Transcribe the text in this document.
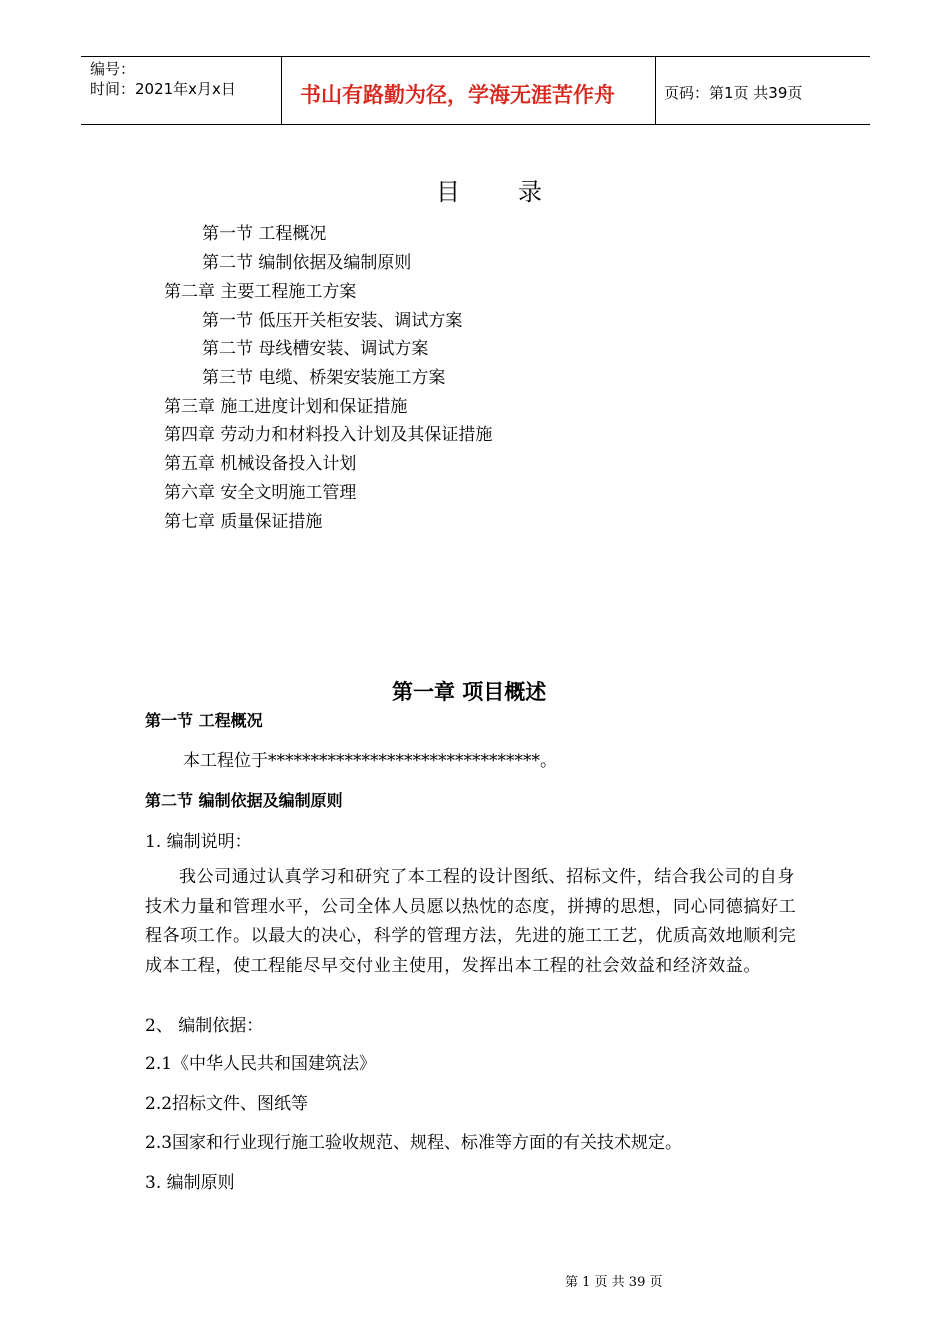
编号：
时间：2021年x月x日	书山有路勤为径，学海无涯苦作舟	页码：第1页 共39页
目录
第一节 工程概况
第二节 编制依据及编制原则
第二章 主要工程施工方案
第一节 低压开关柜安装、调试方案
第二节 母线槽安装、调试方案
第三节 电缆、桥架安装施工方案
第三章 施工进度计划和保证措施
第四章 劳动力和材料投入计划及其保证措施
第五章 机械设备投入计划
第六章 安全文明施工管理
第七章 质量保证措施
第一章 项目概述
第一节 工程概况
本工程位于********************************。
第二节 编制依据及编制原则
1. 编制说明：
我公司通过认真学习和研究了本工程的设计图纸、招标文件，结合我公司的自身技术力量和管理水平，公司全体人员愿以热忱的态度，拼搏的思想，同心同德搞好工程各项工作。以最大的决心，科学的管理方法，先进的施工工艺，优质高效地顺利完成本工程，使工程能尽早交付业主使用，发挥出本工程的社会效益和经济效益。
2、 编制依据：
2.1《中华人民共和国建筑法》
2.2招标文件、图纸等
2.3国家和行业现行施工验收规范、规程、标准等方面的有关技术规定。
3. 编制原则
第 1 页 共 39 页
